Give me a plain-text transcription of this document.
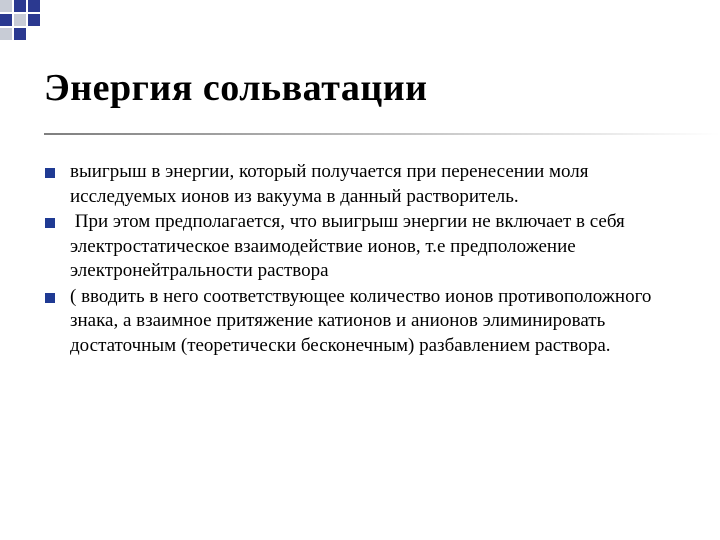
Энергия сольватации
выигрыш в энергии, который получается при перенесении моля исследуемых ионов из вакуума в данный растворитель.
При этом предполагается, что выигрыш энергии не включает в себя электростатическое взаимодействие ионов, т.е предположение электронейтральности раствора
( вводить в него соответствующее количество ионов противоположного знака, а взаимное притяжение катионов и анионов элиминировать достаточным (теоретически бесконечным) разбавлением раствора.
